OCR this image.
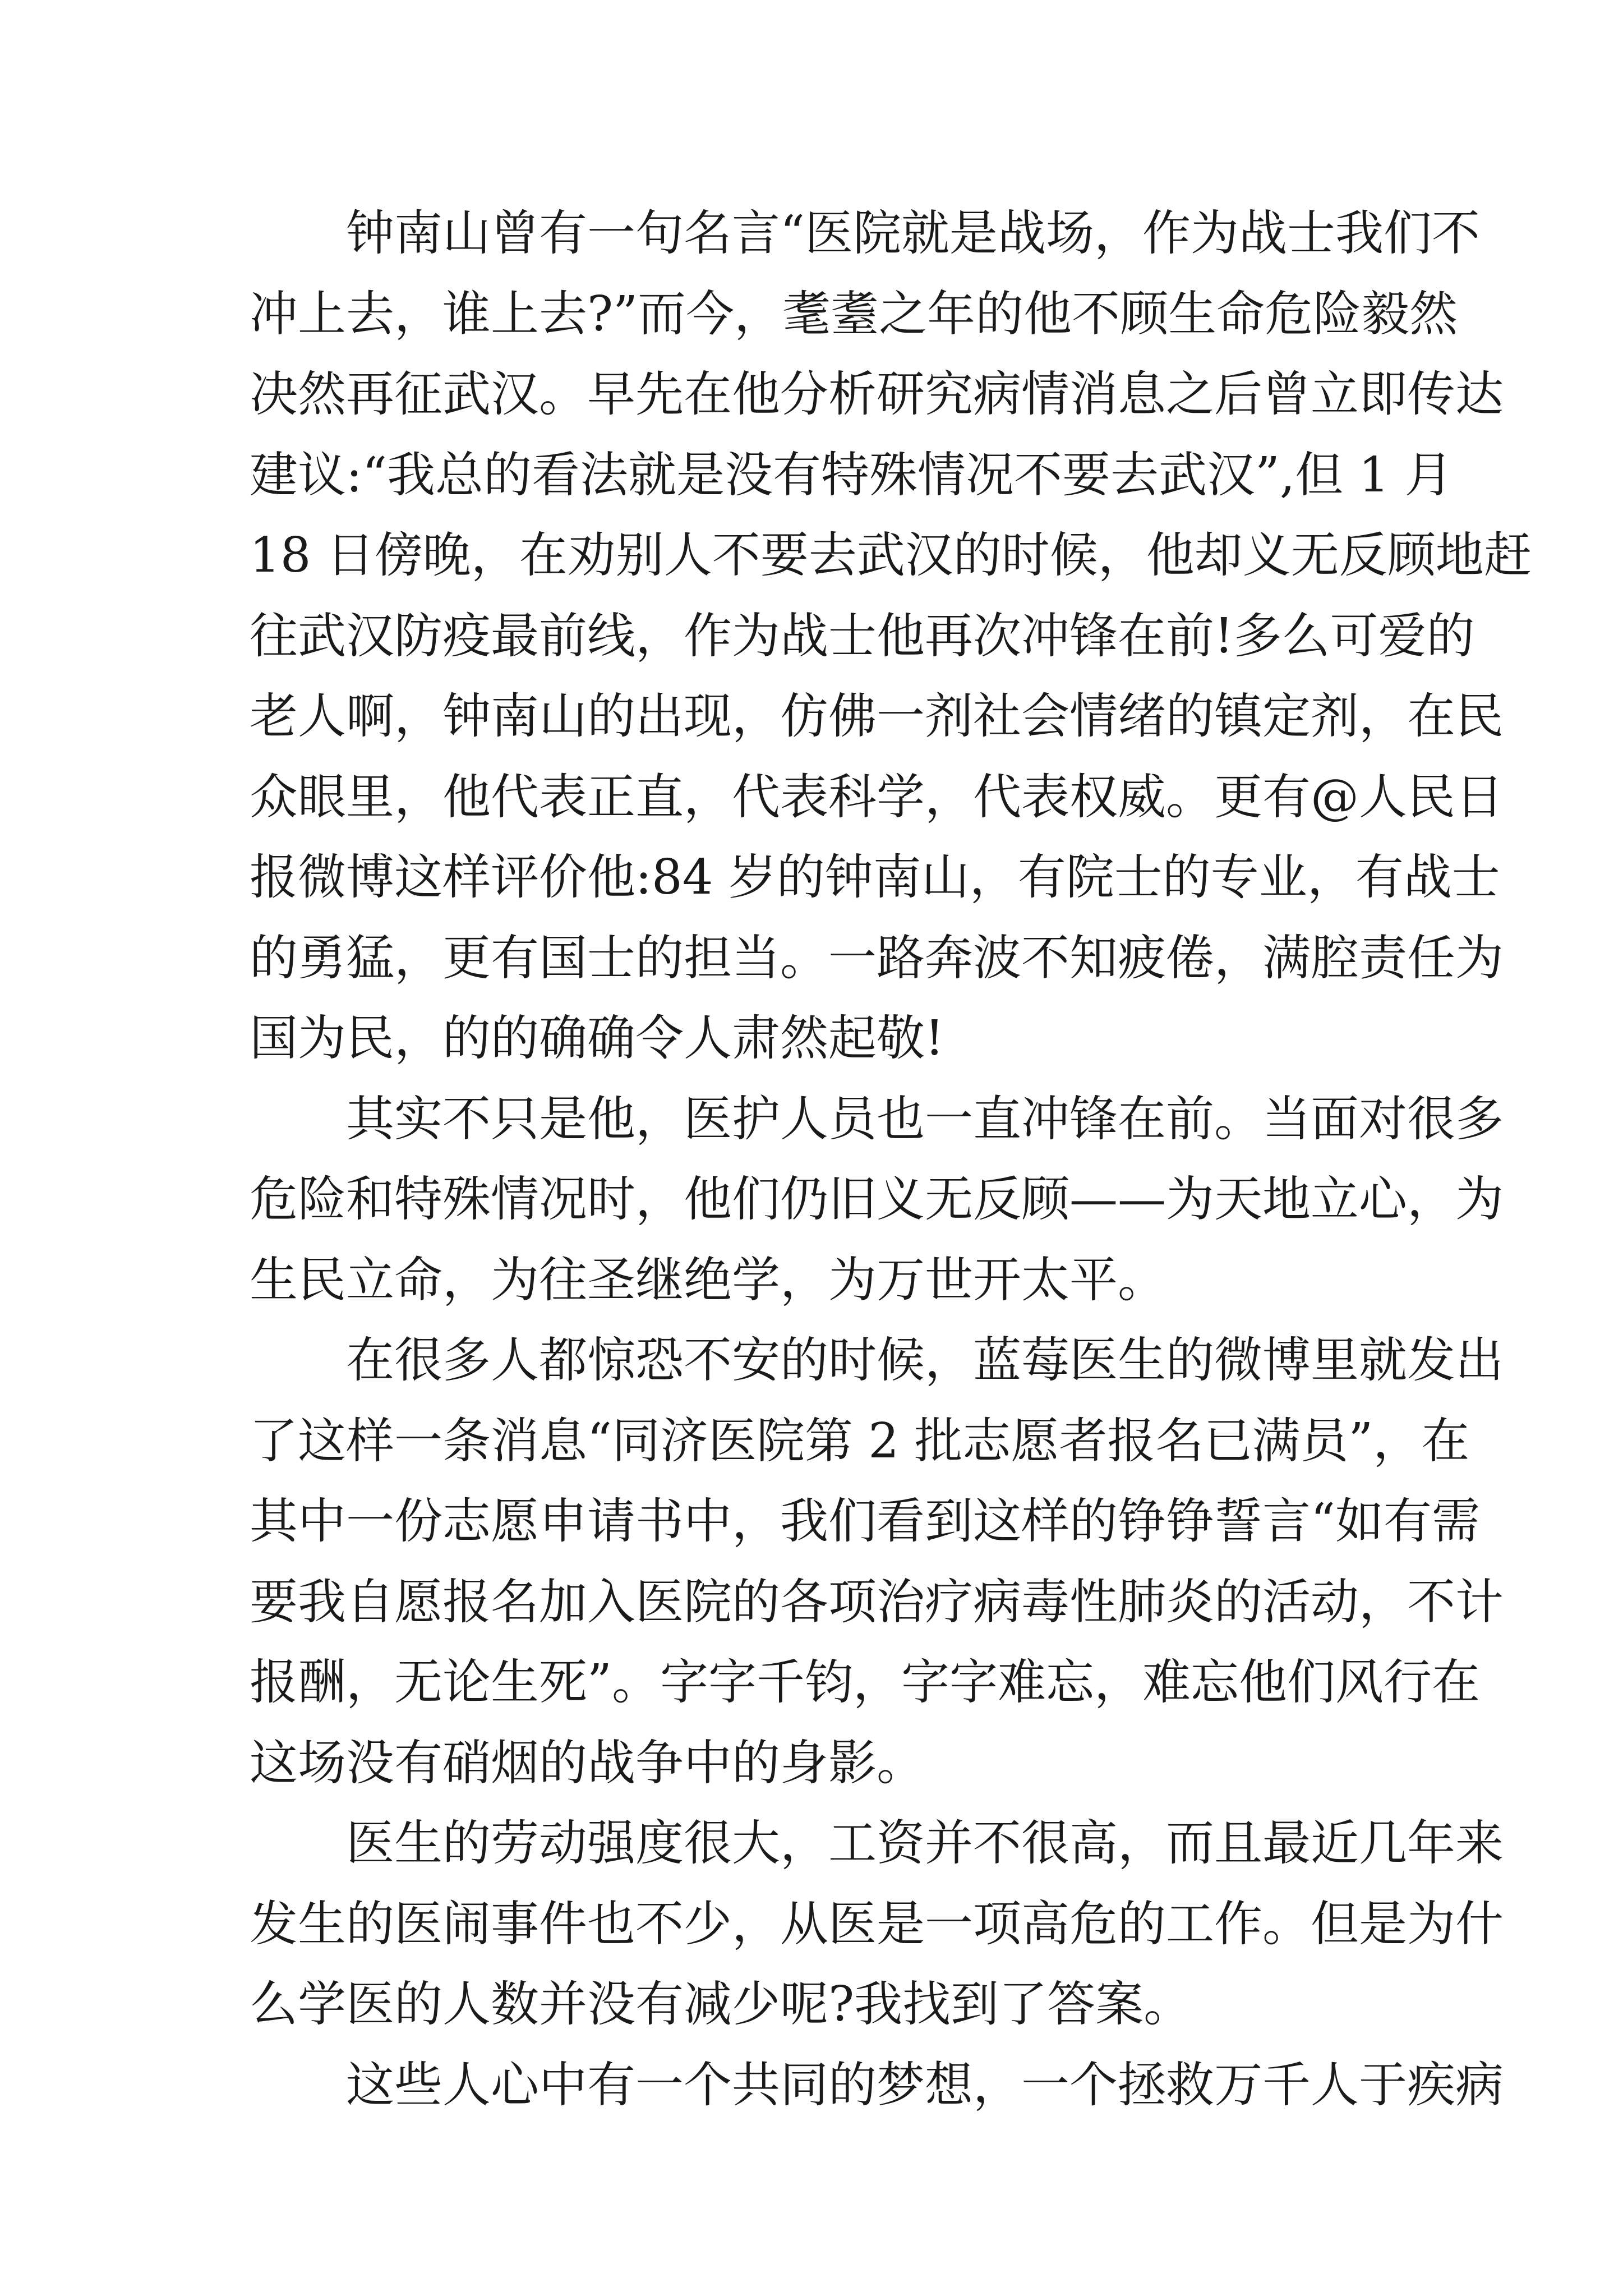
钟南山曾有一句名言“医院就是战场，作为战士我们不
冲上去，谁上去?”而今，耄耋之年的他不顾生命危险毅然
决然再征武汉。早先在他分析研究病情消息之后曾立即传达
建议:“我总的看法就是没有特殊情况不要去武汉”,但 1 月
18 日傍晚，在劝别人不要去武汉的时候，他却义无反顾地赶
往武汉防疫最前线，作为战士他再次冲锋在前!多么可爱的
老人啊，钟南山的出现，仿佛一剂社会情绪的镇定剂，在民
众眼里，他代表正直，代表科学，代表权威。更有@人民日
报微博这样评价他:84 岁的钟南山，有院士的专业，有战士
的勇猛，更有国士的担当。一路奔波不知疲倦，满腔责任为
国为民，的的确确令人肃然起敬!
其实不只是他，医护人员也一直冲锋在前。当面对很多
危险和特殊情况时，他们仍旧义无反顾——为天地立心，为
生民立命，为往圣继绝学，为万世开太平。
在很多人都惊恐不安的时候，蓝莓医生的微博里就发出
了这样一条消息“同济医院第 2 批志愿者报名已满员”，在
其中一份志愿申请书中，我们看到这样的铮铮誓言“如有需
要我自愿报名加入医院的各项治疗病毒性肺炎的活动，不计
报酬，无论生死”。字字千钧，字字难忘，难忘他们风行在
这场没有硝烟的战争中的身影。
医生的劳动强度很大，工资并不很高，而且最近几年来
发生的医闹事件也不少，从医是一项高危的工作。但是为什
么学医的人数并没有减少呢?我找到了答案。
这些人心中有一个共同的梦想，一个拯救万千人于疾病
